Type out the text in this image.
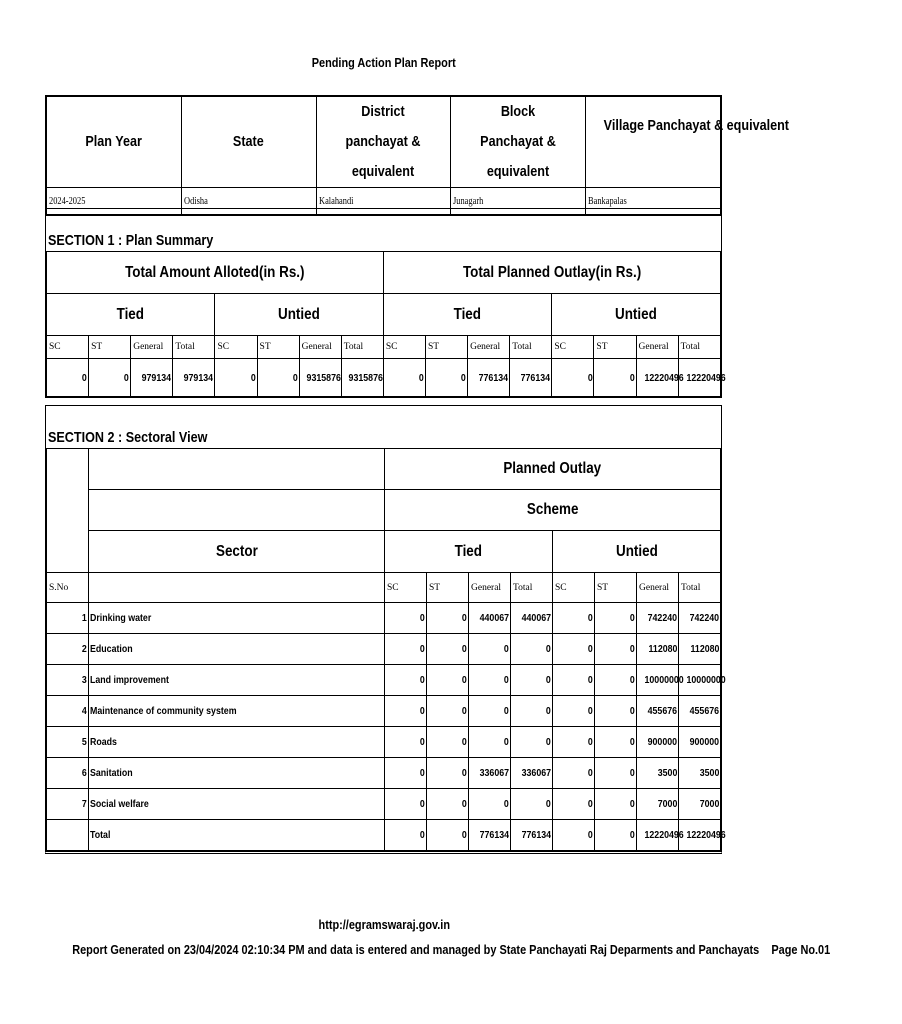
Pending Action Plan Report
Plan Year	State	District panchayat & equivalent	Block Panchayat & equivalent	Village Panchayat & equivalent
2024-2025	Odisha	Kalahandi	Junagarh	Bankapalas
SECTION 1 : Plan Summary															
Total Amount Alloted(in Rs.)								Total Planned Outlay(in Rs.)							
Tied				Untied				Tied				Untied			
SC	ST	General	Total	SC	ST	General	Total	SC	ST	General	Total	SC	ST	General	Total
0	0	979134	979134	0	0	9315876	9315876	0	0	776134	776134	0	0	12220496	12220496
SECTION 2 : Sectoral View									
		Planned Outlay							
		Scheme							
	Sector	Tied				Untied			
S.No		SC	ST	General	Total	SC	ST	General	Total
1	Drinking water	0	0	440067	440067	0	0	742240	742240
2	Education	0	0	0	0	0	0	112080	112080
3	Land improvement	0	0	0	0	0	0	10000000	10000000
4	Maintenance of community system	0	0	0	0	0	0	455676	455676
5	Roads	0	0	0	0	0	0	900000	900000
6	Sanitation	0	0	336067	336067	0	0	3500	3500
7	Social welfare	0	0	0	0	0	0	7000	7000
	Total	0	0	776134	776134	0	0	12220496	12220496
http://egramswaraj.gov.in
Report Generated on 23/04/2024 02:10:34 PM and data is entered and managed by State Panchayati Raj Deparments and Panchayats Page No.01
